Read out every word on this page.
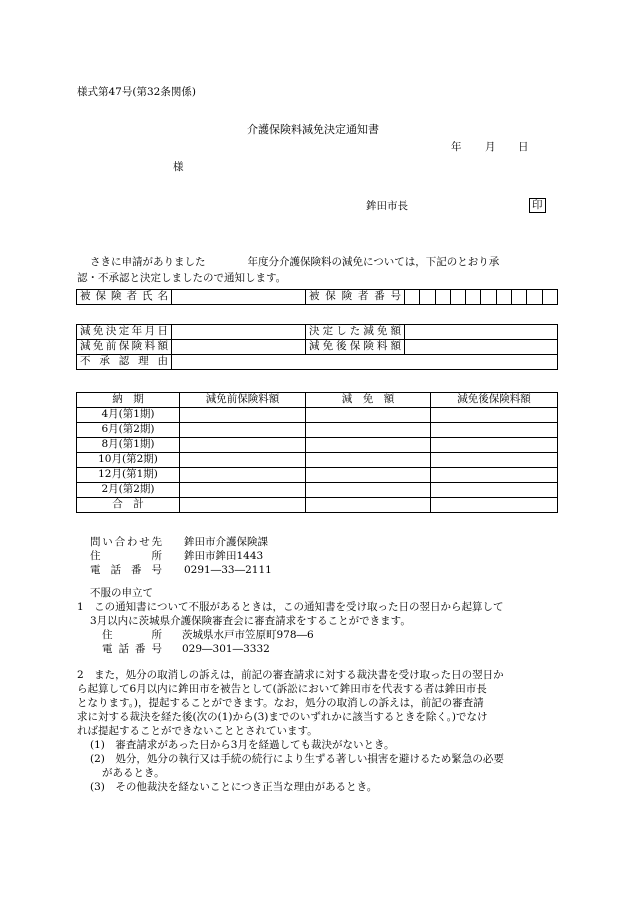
様式第47号(第32条関係)
介護保険料減免決定通知書
年 月 日
様
鉾田市長	印
さきに申請がありました　　　　年度分介護保険料の減免については，下記のとおり承
認・不承認と決定しましたので通知します。
被保険者氏名		被保険者番号

減免決定年月日		決定した減免額	

減免前保険料額		減免後保険料額	

不承認理由			

納　期	減免前保険料額	減　免　額	減免後保険料額
4月(第1期)			
6月(第2期)			
8月(第1期)			
10月(第2期)			
12月(第1期)			
2月(第2期)			
合　計			
問い合わせ先 鉾田市介護保険課
住所 鉾田市鉾田1443
電話番号 0291―33―2111
不服の申立て
1　この通知書について不服があるときは，この通知書を受け取った日の翌日から起算して
3月以内に茨城県介護保険審査会に審査請求をすることができます。
住所 茨城県水戸市笠原町978―6
電話番号 029―301―3332
2　また，処分の取消しの訴えは，前記の審査請求に対する裁決書を受け取った日の翌日か
ら起算して6月以内に鉾田市を被告として(訴訟において鉾田市を代表する者は鉾田市長
となります。)，提起することができます。なお，処分の取消しの訴えは，前記の審査請
求に対する裁決を経た後(次の(1)から(3)までのいずれかに該当するときを除く。)でなけ
れば提起することができないこととされています。
(1)　審査請求があった日から3月を経過しても裁決がないとき。
(2)　処分，処分の執行又は手続の続行により生ずる著しい損害を避けるため緊急の必要
があるとき。
(3)　その他裁決を経ないことにつき正当な理由があるとき。
